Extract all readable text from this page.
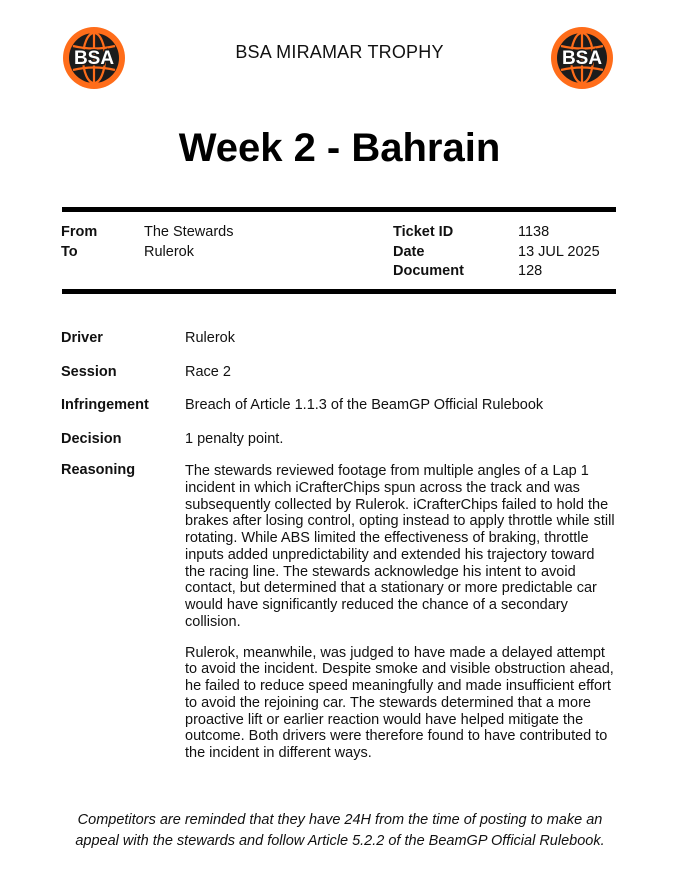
BSA	BSA
BSA MIRAMAR TROPHY
Week 2 - Bahrain
From	The Stewards
To	Rulerok
Ticket ID	1138
Date	13 JUL 2025
Document	128
Driver	Rulerok
Session	Race 2
Infringement Breach of Article 1.1.3 of the BeamGP Official Rulebook
Decision	1 penalty point.
Reasoning	The stewards reviewed footage from multiple angles of a Lap 1 incident in which iCrafterChips spun across the track and was subsequently collected by Rulerok. iCrafterChips failed to hold the brakes after losing control, opting instead to apply throttle while still rotating. While ABS limited the effectiveness of braking, throttle inputs added unpredictability and extended his trajectory toward the racing line. The stewards acknowledge his intent to avoid contact, but determined that a stationary or more predictable car would have significantly reduced the chance of a secondary collision.

Rulerok, meanwhile, was judged to have made a delayed attempt to avoid the incident. Despite smoke and visible obstruction ahead, he failed to reduce speed meaningfully and made insufficient effort to avoid the rejoining car. The stewards determined that a more proactive lift or earlier reaction would have helped mitigate the outcome. Both drivers were therefore found to have contributed to the incident in different ways.

Competitors are reminded that they have 24H from the time of posting to make an
appeal with the stewards and follow Article 5.2.2 of the BeamGP Official Rulebook.
